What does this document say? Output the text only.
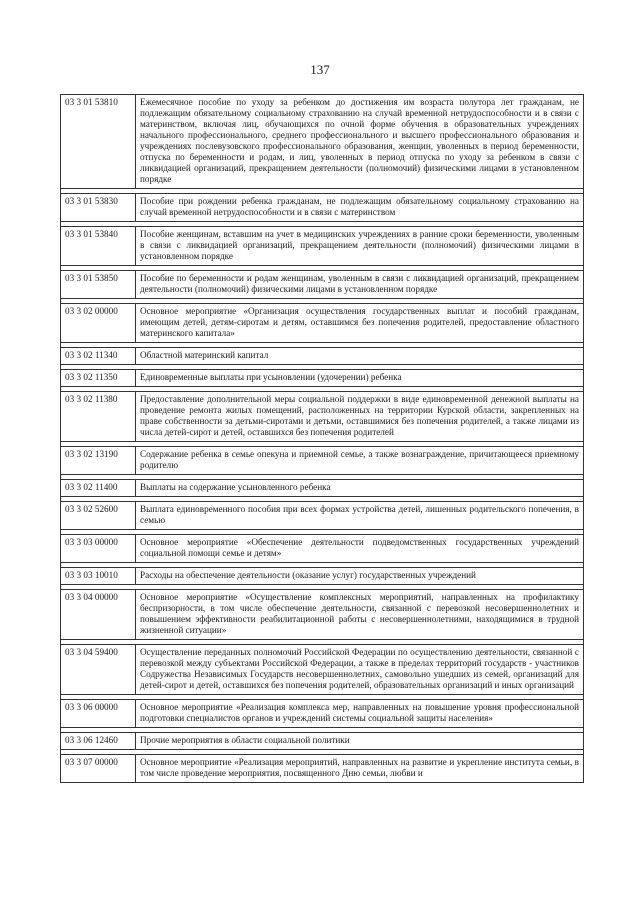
137
03 3 01 53810	Ежемесячное пособие по уходу за ребенком до достижения им возраста полутора лет гражданам, не подлежащим обязательному социальному страхованию на случай временной нетрудоспособности и в связи с материнством, включая лиц, обучающихся по очной форме обучения в образовательных учреждениях начального профессионального, среднего профессионального и высшего профессионального образования и учреждениях послевузовского профессионального образования, женщин, уволенных в период беременности, отпуска по беременности и родам, и лиц, уволенных в период отпуска по уходу за ребенком в связи с ликвидацией организаций, прекращением деятельности (полномочий) физическими лицами в установленном порядке

03 3 01 53830	Пособие при рождении ребенка гражданам, не подлежащим обязательному социальному страхованию на случай временной нетрудоспособности и в связи с материнством

03 3 01 53840	Пособие женщинам, вставшим на учет в медицинских учреждениях в ранние сроки беременности, уволенным в связи с ликвидацией организаций, прекращением деятельности (полномочий) физическими лицами в установленном порядке

03 3 01 53850	Пособие по беременности и родам женщинам, уволенным в связи с ликвидацией организаций, прекращением деятельности (полномочий) физическими лицами в установленном порядке

03 3 02 00000	Основное мероприятие «Организация осуществления государственных выплат и пособий гражданам, имеющим детей, детям-сиротам и детям, оставшимся без попечения родителей, предоставление областного материнского капитала»

03 3 02 11340	Областной материнский капитал

03 3 02 11350	Единовременные выплаты при усыновлении (удочерении) ребенка

03 3 02 11380	Предоставление дополнительной меры социальной поддержки в виде единовременной денежной выплаты на проведение ремонта жилых помещений, расположенных на территории Курской области, закрепленных на праве собственности за детьми-сиротами и детьми, оставшимися без попечения родителей, а также лицами из числа детей-сирот и детей, оставшихся без попечения родителей

03 3 02 13190	Содержание ребенка в семье опекуна и приемной семье, а также вознаграждение, причитающееся приемному родителю

03 3 02 11400	Выплаты на содержание усыновленного ребенка

03 3 02 52600	Выплата единовременного пособия при всех формах устройства детей, лишенных родительского попечения, в семью

03 3 03 00000	Основное мероприятие «Обеспечение деятельности подведомственных государственных учреждений социальной помощи семье и детям»

03 3 03 10010	Расходы на обеспечение деятельности (оказание услуг) государственных учреждений

03 3 04 00000	Основное мероприятие «Осуществление комплексных мероприятий, направленных на профилактику беспризорности, в том числе обеспечение деятельности, связанной с перевозкой несовершеннолетних и повышением эффективности реабилитационной работы с несовершеннолетними, находящимися в трудной жизненной ситуации»

03 3 04 59400	Осуществление переданных полномочий Российской Федерации по осуществлению деятельности, связанной с перевозкой между субъектами Российской Федерации, а также в пределах территорий государств - участников Содружества Независимых Государств несовершеннолетних, самовольно ушедших из семей, организаций для детей-сирот и детей, оставшихся без попечения родителей, образовательных организаций и иных организаций

03 3 06 00000	Основное мероприятие «Реализация комплекса мер, направленных на повышение уровня профессиональной подготовки специалистов органов и учреждений системы социальной защиты населения»

03 3 06 12460	Прочие мероприятия в области социальной политики

03 3 07 00000	Основное мероприятие «Реализация мероприятий, направленных на развитие и укрепление института семьи, в том числе проведение мероприятия, посвященного Дню семьи, любви и
